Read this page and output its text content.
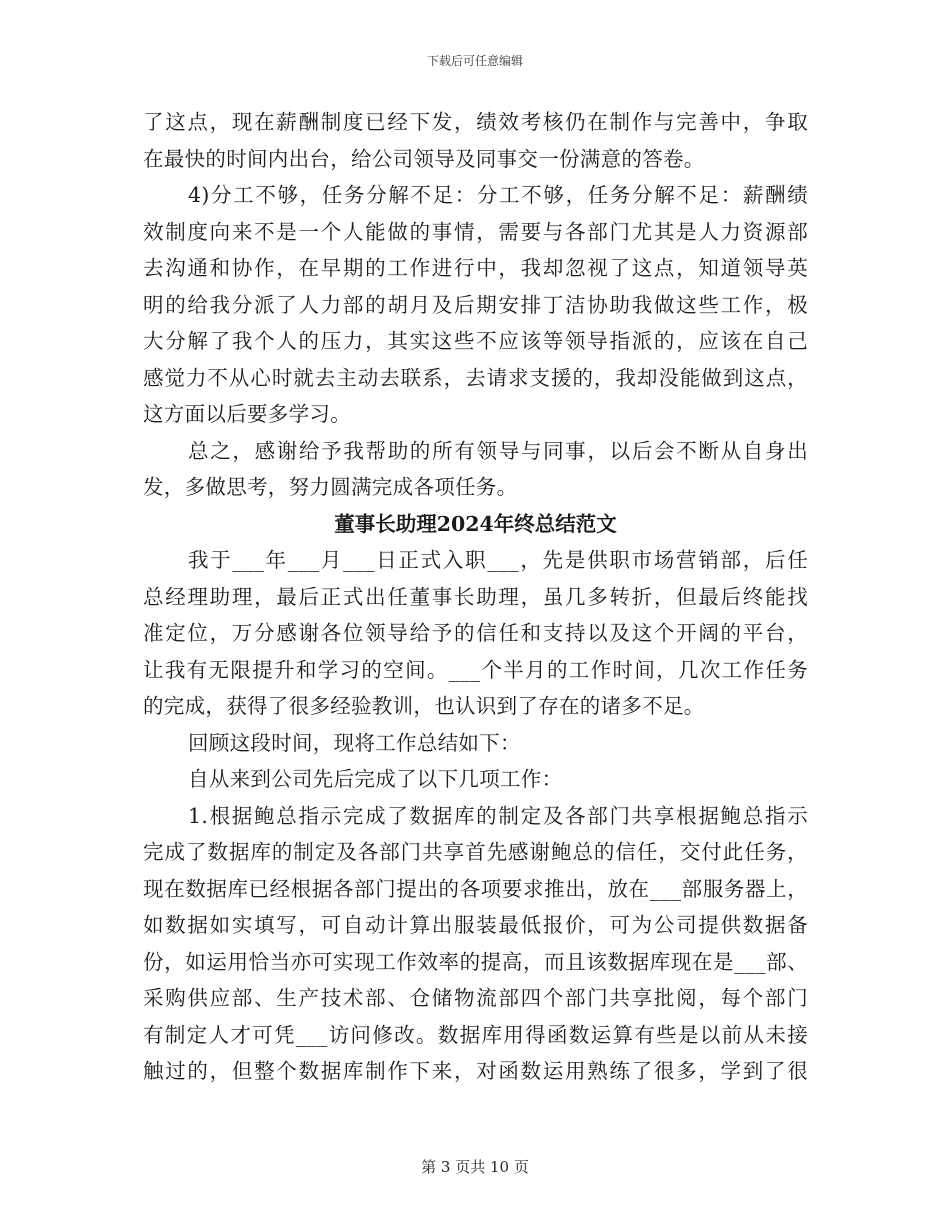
下载后可任意编辑
了这点，现在薪酬制度已经下发，绩效考核仍在制作与完善中，争取
在最快的时间内出台，给公司领导及同事交一份满意的答卷。
4)分工不够，任务分解不足：分工不够，任务分解不足：薪酬绩
效制度向来不是一个人能做的事情，需要与各部门尤其是人力资源部
去沟通和协作，在早期的工作进行中，我却忽视了这点，知道领导英
明的给我分派了人力部的胡月及后期安排丁洁协助我做这些工作，极
大分解了我个人的压力，其实这些不应该等领导指派的，应该在自己
感觉力不从心时就去主动去联系，去请求支援的，我却没能做到这点，
这方面以后要多学习。
总之，感谢给予我帮助的所有领导与同事，以后会不断从自身出
发，多做思考，努力圆满完成各项任务。
董事长助理2024年终总结范文
我于___年___月___日正式入职___，先是供职市场营销部，后任
总经理助理，最后正式出任董事长助理，虽几多转折，但最后终能找
准定位，万分感谢各位领导给予的信任和支持以及这个开阔的平台，
让我有无限提升和学习的空间。___个半月的工作时间，几次工作任务
的完成，获得了很多经验教训，也认识到了存在的诸多不足。
回顾这段时间，现将工作总结如下：
自从来到公司先后完成了以下几项工作：
1.根据鲍总指示完成了数据库的制定及各部门共享根据鲍总指示
完成了数据库的制定及各部门共享首先感谢鲍总的信任，交付此任务，
现在数据库已经根据各部门提出的各项要求推出，放在___部服务器上，
如数据如实填写，可自动计算出服装最低报价，可为公司提供数据备
份，如运用恰当亦可实现工作效率的提高，而且该数据库现在是___部、
采购供应部、生产技术部、仓储物流部四个部门共享批阅，每个部门
有制定人才可凭___访问修改。数据库用得函数运算有些是以前从未接
触过的，但整个数据库制作下来，对函数运用熟练了很多，学到了很
第 3 页共 10 页
